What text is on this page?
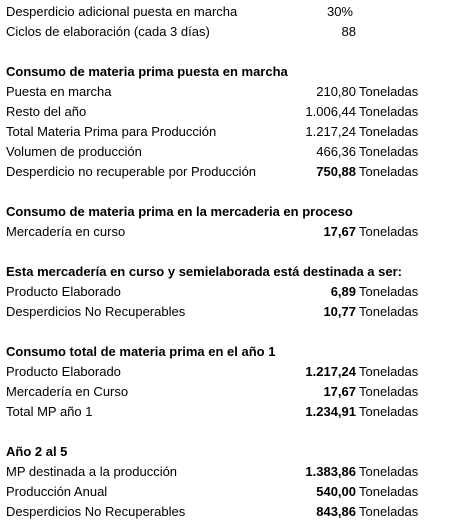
Desperdicio adicional puesta en marcha	30%
Ciclos de elaboración (cada 3 días)	88
Consumo de materia prima puesta en marcha
Puesta en marcha	210,80 Toneladas
Resto del año	1.006,44 Toneladas
Total Materia Prima para Producción	1.217,24 Toneladas
Volumen de producción	466,36 Toneladas
Desperdicio no recuperable por Producción	750,88 Toneladas
Consumo de materia prima en la mercaderia en proceso
Mercadería en curso	17,67 Toneladas
Esta mercadería en curso y semielaborada está destinada a ser:
Producto Elaborado	6,89 Toneladas
Desperdicios No Recuperables	10,77 Toneladas
Consumo total de materia prima en el año 1
Producto Elaborado	1.217,24 Toneladas
Mercadería en Curso	17,67 Toneladas
Total MP año 1	1.234,91 Toneladas
Año 2 al 5
MP destinada a la producción	1.383,86 Toneladas
Producción Anual	540,00 Toneladas
Desperdicios No Recuperables	843,86 Toneladas
